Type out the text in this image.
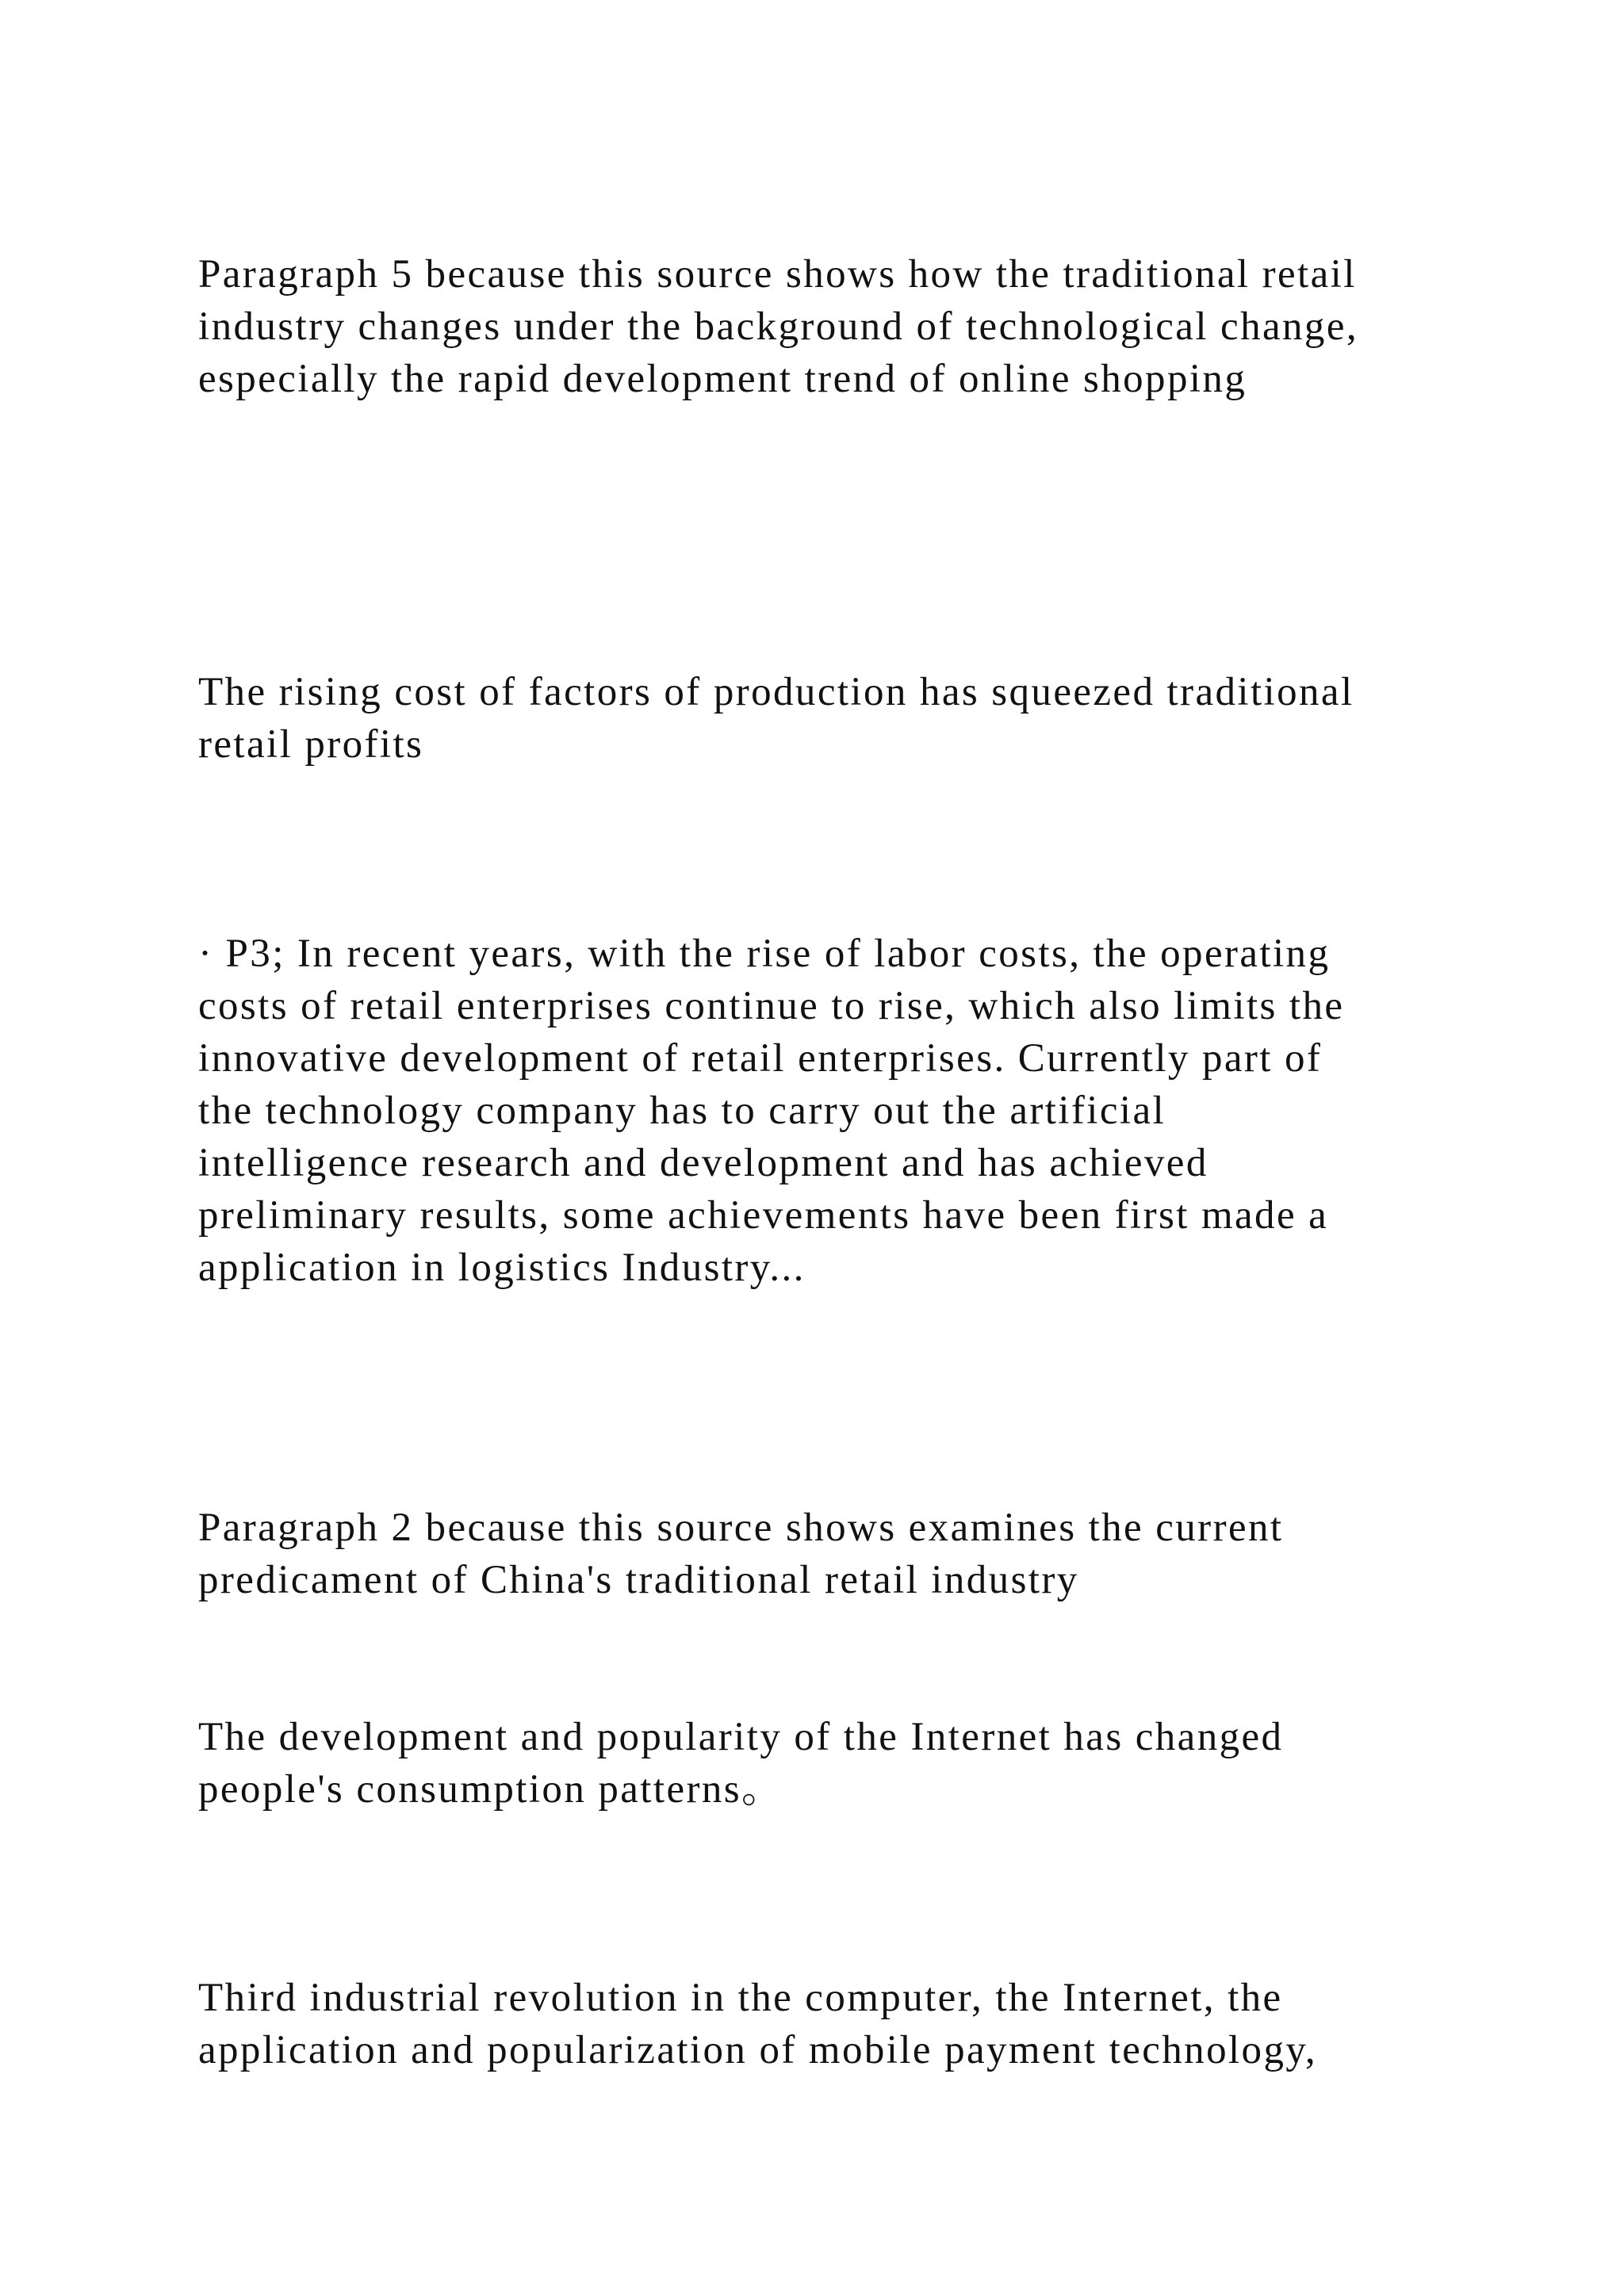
Paragraph 5 because this source shows how the traditional retail
industry changes under the background of technological change,
especially the rapid development trend of online shopping

The rising cost of factors of production has squeezed traditional
retail profits

· P3; In recent years, with the rise of labor costs, the operating
costs of retail enterprises continue to rise, which also limits the
innovative development of retail enterprises. Currently part of
the technology company has to carry out the artificial
intelligence research and development and has achieved
preliminary results, some achievements have been first made a
application in logistics Industry...

Paragraph 2 because this source shows examines the current
predicament of China's traditional retail industry

The development and popularity of the Internet has changed
people's consumption patterns。

Third industrial revolution in the computer, the Internet, the
application and popularization of mobile payment technology,
